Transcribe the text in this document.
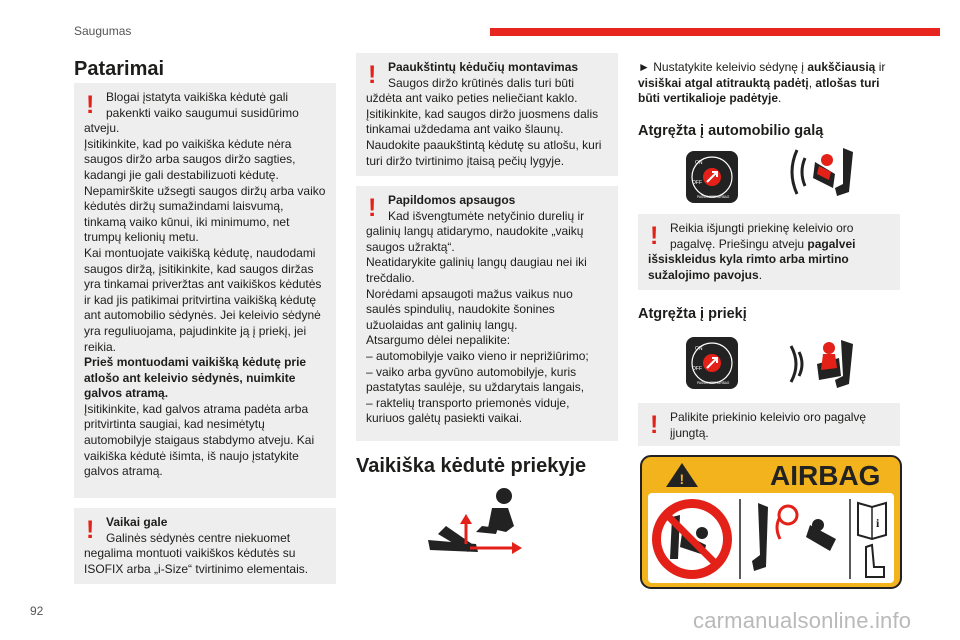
Saugumas
92	carmanualsonline.info
Patarimai
! Blogai įstatyta vaikiška kėdutė gali pakenkti vaiko saugumui susidūrimo atveju.

Įsitikinkite, kad po vaikiška kėdute nėra saugos diržo arba saugos diržo sagties, kadangi jie gali destabilizuoti kėdutę.

Nepamirškite užsegti saugos diržų arba vaiko kėdutės diržų sumažindami laisvumą, tinkamą vaiko kūnui, iki minimumo, net trumpų kelionių metu.

Kai montuojate vaikišką kėdutę, naudodami saugos diržą, įsitikinkite, kad saugos diržas yra tinkamai priveržtas ant vaikiškos kėdutės ir kad jis patikimai pritvirtina vaikišką kėdutę ant automobilio sėdynės. Jei keleivio sėdynė yra reguliuojama, pajudinkite ją į priekį, jei reikia.

Prieš montuodami vaikišką kėdutę prie atlošo ant keleivio sėdynės, nuimkite galvos atramą.

Įsitikinkite, kad galvos atrama padėta arba pritvirtinta saugiai, kad nesimėtytų automobilyje staigaus stabdymo atveju. Kai vaikiška kėdutė išimta, iš naujo įstatykite galvos atramą.

! Vaikai gale

Galinės sėdynės centre niekuomet negalima montuoti vaikiškos kėdutės su ISOFIX arba „i-Size“ tvirtinimo elementais.

! Paaukštintų kėdučių montavimas

Saugos diržo krūtinės dalis turi būti uždėta ant vaiko peties neliečiant kaklo. Įsitikinkite, kad saugos diržo juosmens dalis tinkamai uždedama ant vaiko šlaunų. Naudokite paaukštintą kėdutę su atlošu, kuri turi diržo tvirtinimo įtaisą pečių lygyje.

! Papildomos apsaugos

Kad išvengtumėte netyčinio durelių ir galinių langų atidarymo, naudokite „vaikų saugos užraktą“.

Neatidarykite galinių langų daugiau nei iki trečdalio.

Norėdami apsaugoti mažus vaikus nuo saulės spindulių, naudokite šonines užuolaidas ant galinių langų.

Atsargumo dėlei nepalikite:

– automobilyje vaiko vieno ir neprižiūrimo;

– vaiko arba gyvūno automobilyje, kuris pastatytas saulėje, su uždarytais langais,

– raktelių transporto priemonės viduje, kuriuos galėtų pasiekti vaikai.

Vaikiška kėdutė priekyje
► Nustatykite keleivio sėdynę į aukščiausią ir visiškai atgal atitrauktą padėtį, atlošas turi būti vertikalioje padėtyje.
Atgręžta į automobilio galą
ON
OFF
PASSENGER AIRBAG
! Reikia išjungti priekinę keleivio oro pagalvę. Priešingu atveju pagalvei išsiskleidus kyla rimto arba mirtino sužalojimo pavojus.

Atgręžta į priekį
ON
OFF
PASSENGER AIRBAG
! Palikite priekinio keleivio oro pagalvę įjungtą.

!	AIRBAG
i
